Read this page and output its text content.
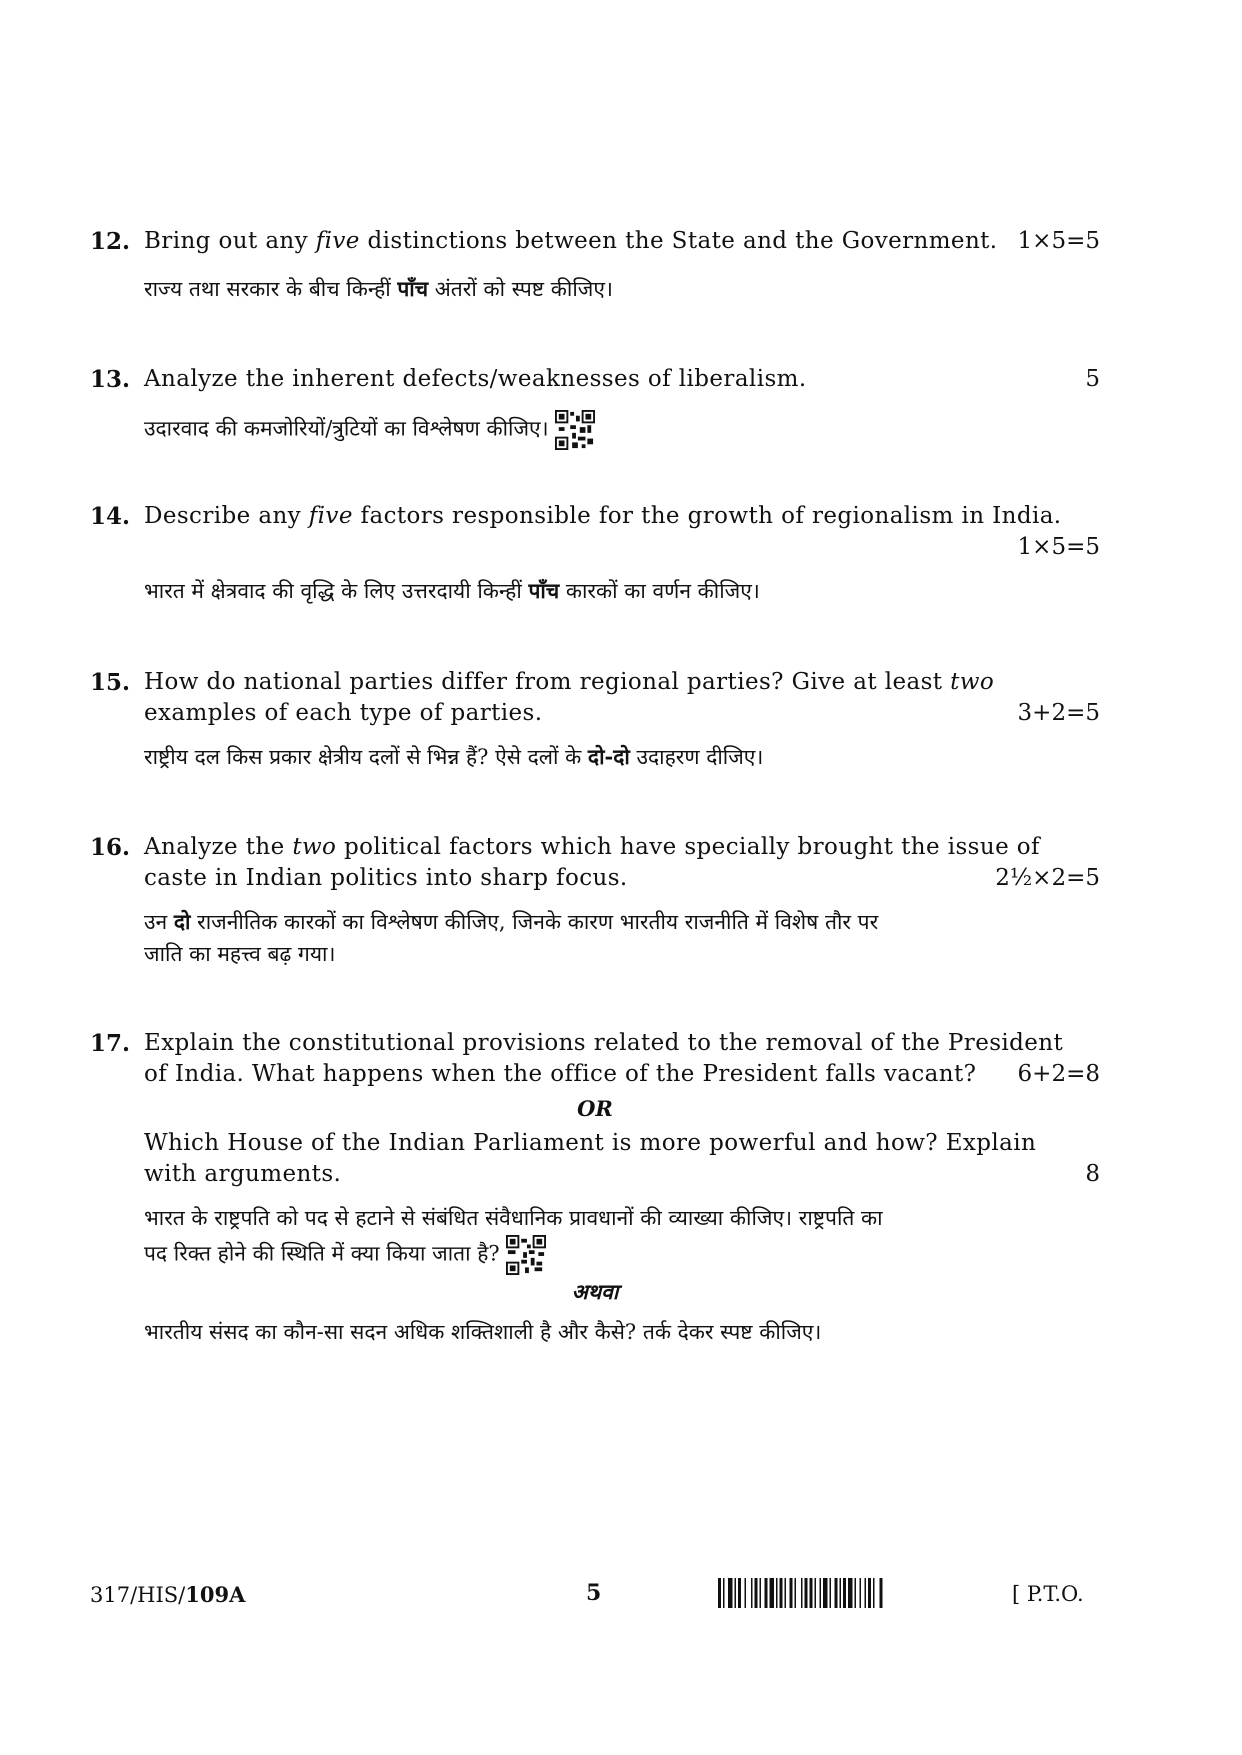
12. Bring out any five distinctions between the State and the Government. 1×5=5
राज्य तथा सरकार के बीच किन्हीं पाँच अंतरों को स्पष्ट कीजिए।
13. Analyze the inherent defects/weaknesses of liberalism.	5
उदारवाद की कमजोरियों/त्रुटियों का विश्लेषण कीजिए।
14. Describe any five factors responsible for the growth of regionalism in India.
1×5=5
भारत में क्षेत्रवाद की वृद्धि के लिए उत्तरदायी किन्हीं पाँच कारकों का वर्णन कीजिए।
15. How do national parties differ from regional parties? Give at least two
examples of each type of parties.	3+2=5
राष्ट्रीय दल किस प्रकार क्षेत्रीय दलों से भिन्न हैं? ऐसे दलों के दो-दो उदाहरण दीजिए।
16. Analyze the two political factors which have specially brought the issue of
caste in Indian politics into sharp focus.	2½×2=5
उन दो राजनीतिक कारकों का विश्लेषण कीजिए, जिनके कारण भारतीय राजनीति में विशेष तौर पर
जाति का महत्त्व बढ़ गया।
17. Explain the constitutional provisions related to the removal of the President
of India. What happens when the office of the President falls vacant? 6+2=8
OR
Which House of the Indian Parliament is more powerful and how? Explain
with arguments.	8
भारत के राष्ट्रपति को पद से हटाने से संबंधित संवैधानिक प्रावधानों की व्याख्या कीजिए। राष्ट्रपति का
पद रिक्त होने की स्थिति में क्या किया जाता है?
अथवा
भारतीय संसद का कौन-सा सदन अधिक शक्तिशाली है और कैसे? तर्क देकर स्पष्ट कीजिए।
317/HIS/109A	5	[ P.T.O.
